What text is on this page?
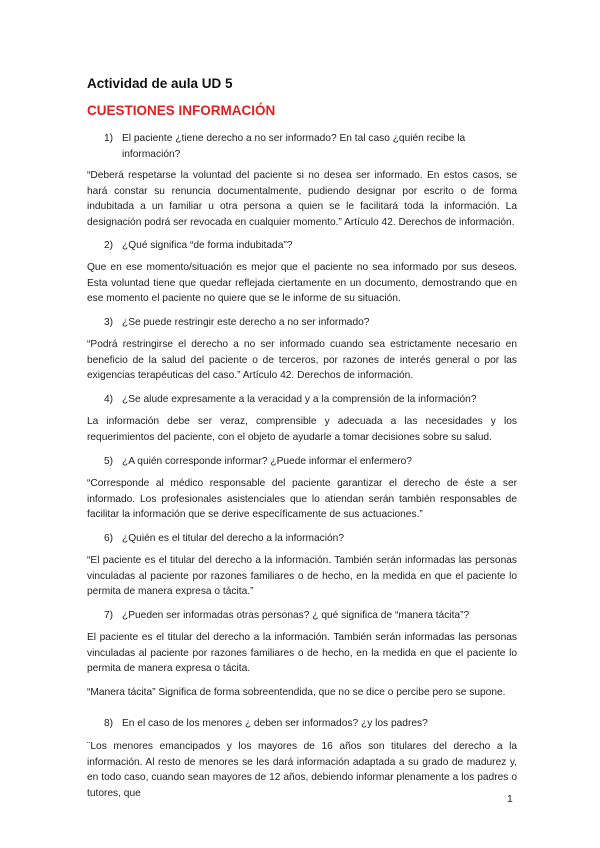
Actividad de aula UD 5
CUESTIONES INFORMACIÓN
1) El paciente ¿tiene derecho a no ser informado? En tal caso ¿quién recibe la información?

“Deberá respetarse la voluntad del paciente si no desea ser informado. En estos casos, se hará constar su renuncia documentalmente, pudiendo designar por escrito o de forma indubitada a un familiar u otra persona a quien se le facilitará toda la información. La designación podrá ser revocada en cualquier momento.” Artículo 42. Derechos de información.

2) ¿Qué significa “de forma indubitada”?

Que en ese momento/situación es mejor que el paciente no sea informado por sus deseos. Esta voluntad tiene que quedar reflejada ciertamente en un documento, demostrando que en ese momento el paciente no quiere que se le informe de su situación.

3) ¿Se puede restringir este derecho a no ser informado?

“Podrá restringirse el derecho a no ser informado cuando sea estrictamente necesario en beneficio de la salud del paciente o de terceros, por razones de interés general o por las exigencias terapéuticas del caso.” Artículo 42. Derechos de información.

4) ¿Se alude expresamente a la veracidad y a la comprensión de la información?

La información debe ser veraz, comprensible y adecuada a las necesidades y los requerimientos del paciente, con el objeto de ayudarle a tomar decisiones sobre su salud.

5) ¿A quién corresponde informar? ¿Puede informar el enfermero?

“Corresponde al médico responsable del paciente garantizar el derecho de éste a ser informado. Los profesionales asistenciales que lo atiendan serán también responsables de facilitar la información que se derive específicamente de sus actuaciones.”

6) ¿Quién es el titular del derecho a la información?

“El paciente es el titular del derecho a la información. También serán informadas las personas vinculadas al paciente por razones familiares o de hecho, en la medida en que el paciente lo permita de manera expresa o tácita.”

7) ¿Pueden ser informadas otras personas? ¿ qué significa de “manera tácita”?

El paciente es el titular del derecho a la información. También serán informadas las personas vinculadas al paciente por razones familiares o de hecho, en la medida en que el paciente lo permita de manera expresa o tácita.

“Manera tácita” Significa de forma sobreentendida, que no se dice o percibe pero se supone.

8) En el caso de los menores ¿ deben ser informados? ¿y los padres?

¨Los menores emancipados y los mayores de 16 años son titulares del derecho a la información. Al resto de menores se les dará información adaptada a su grado de madurez y, en todo caso, cuando sean mayores de 12 años, debiendo informar plenamente a los padres o tutores, que	1
